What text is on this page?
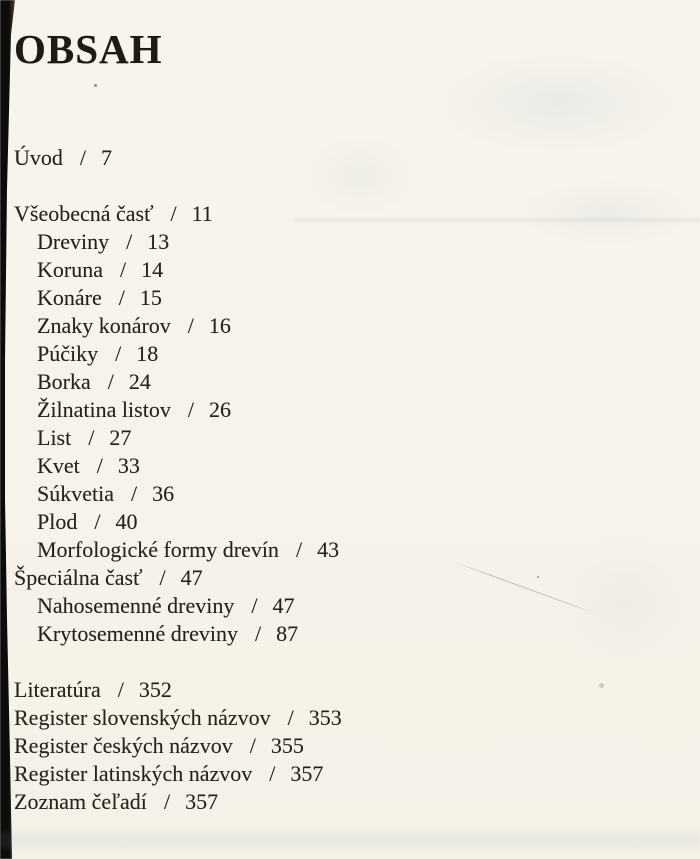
OBSAH
Úvod / 7
Všeobecná časť / 11
Dreviny / 13
Koruna / 14
Konáre / 15
Znaky konárov / 16
Púčiky / 18
Borka / 24
Žilnatina listov / 26
List / 27
Kvet / 33
Súkvetia / 36
Plod / 40
Morfologické formy drevín / 43
Špeciálna časť / 47
Nahosemenné dreviny / 47
Krytosemenné dreviny / 87
Literatúra / 352
Register slovenských názvov / 353
Register českých názvov / 355
Register latinských názvov / 357
Zoznam čeľadí / 357
